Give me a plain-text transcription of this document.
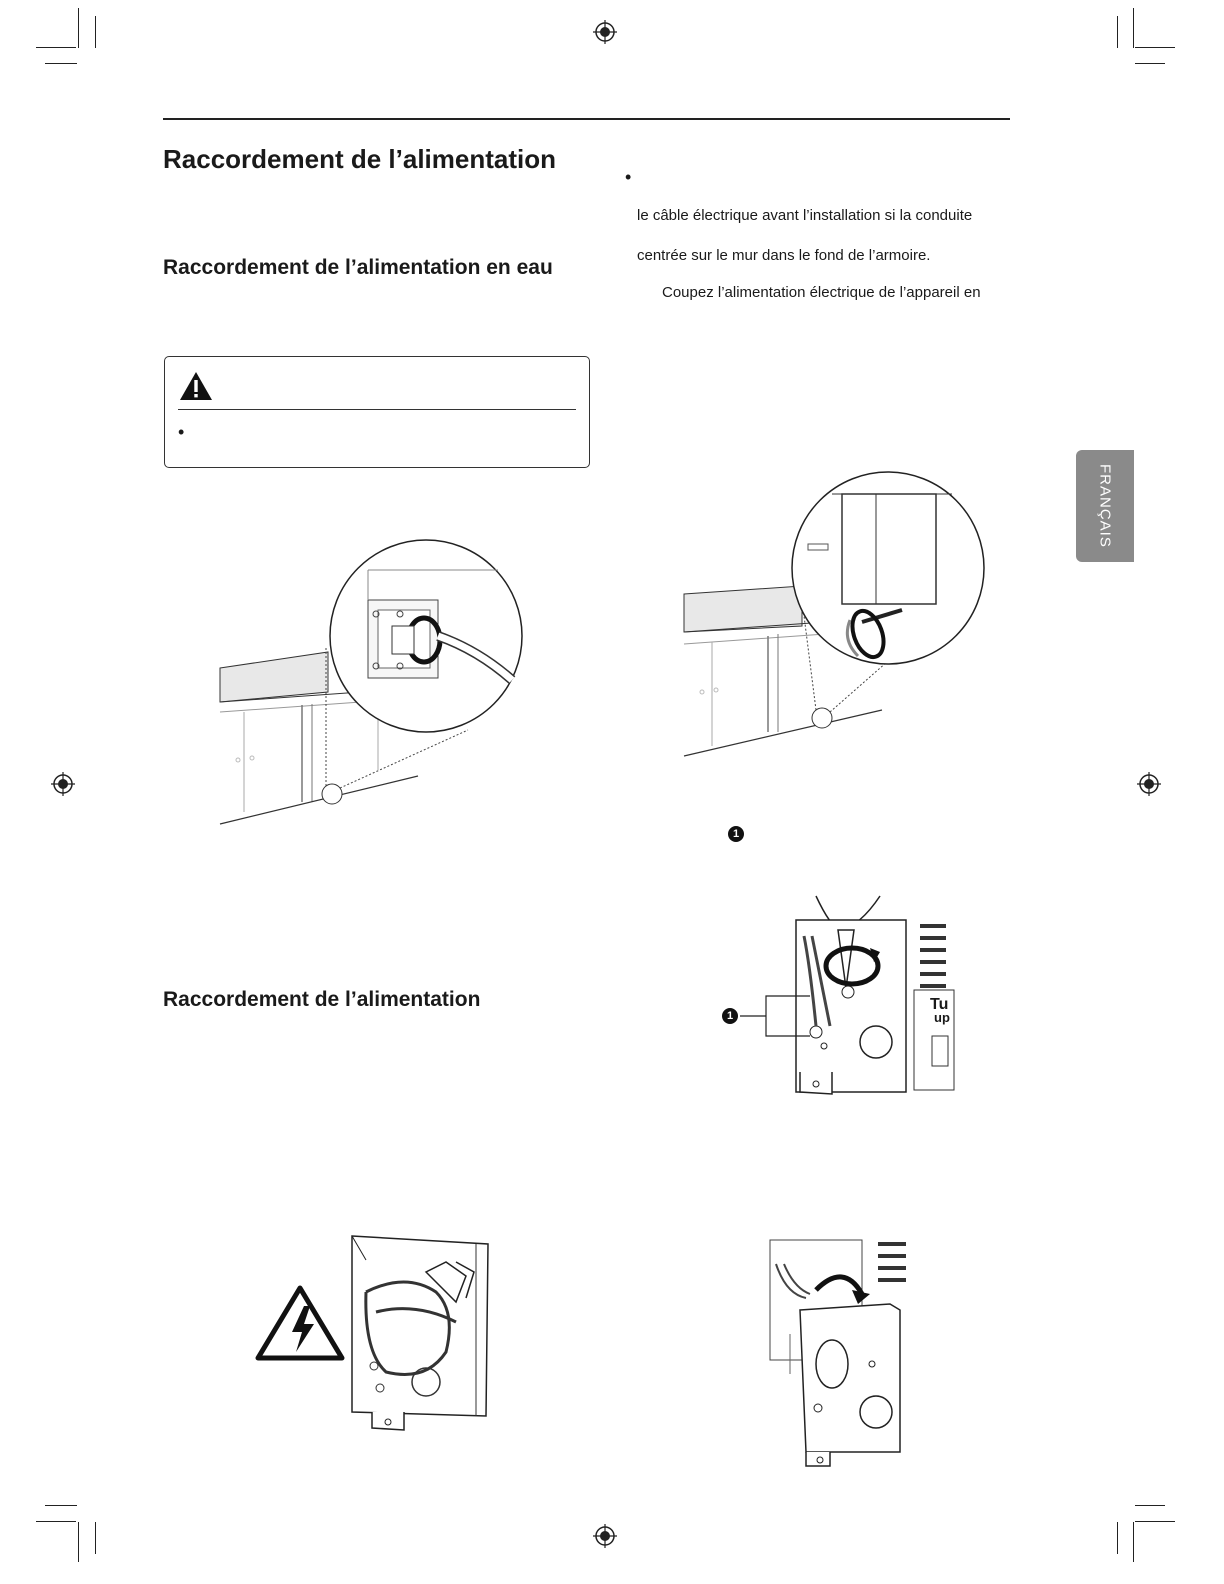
Raccordement de l’alimentation
Raccordement de l’alimentation en eau
•
Raccordement de l’alimentation
•
le câble électrique avant l’installation si la conduite
centrée sur le mur dans le fond de l’armoire.
Coupez l’alimentation électrique de l’appareil en
1
1
Tu
up
FRANÇAIS
